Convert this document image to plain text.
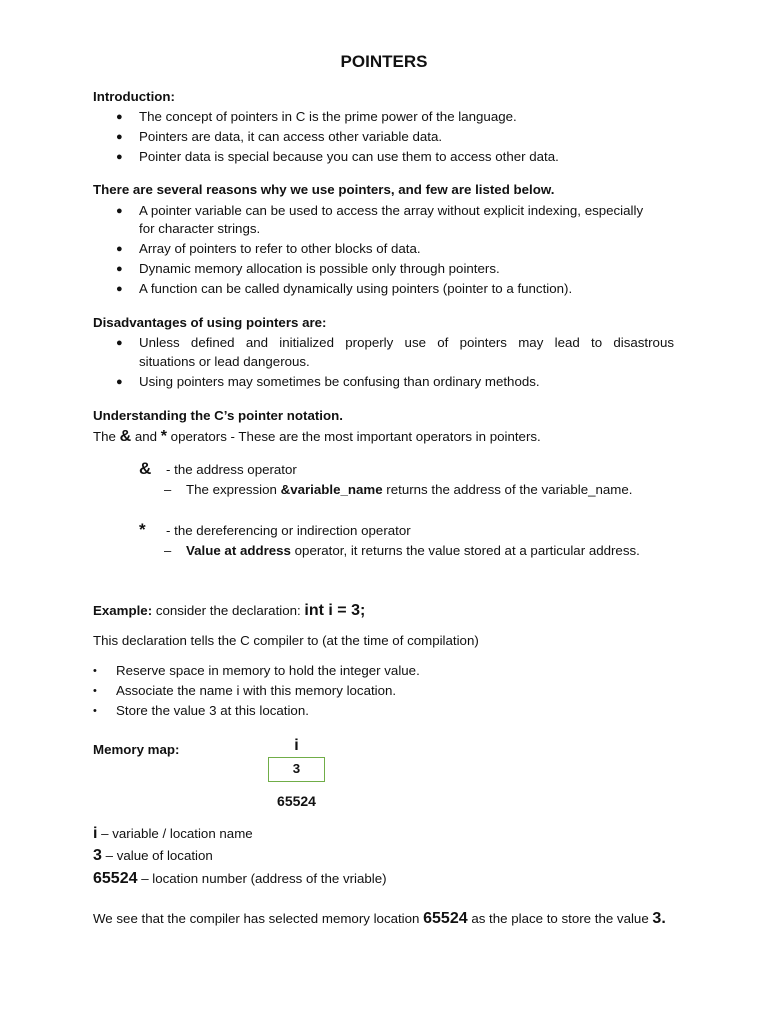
POINTERS

Introduction:

● The concept of pointers in C is the prime power of the language.

● Pointers are data, it can access other variable data.

● Pointer data is special because you can use them to access other data.

There are several reasons why we use pointers, and few are listed below.

● A pointer variable can be used to access the array without explicit indexing, especially

for character strings.

● Array of pointers to refer to other blocks of data.

● Dynamic memory allocation is possible only through pointers.

● A function can be called dynamically using pointers (pointer to a function).

Disadvantages of using pointers are:

● Unless defined and initialized properly use of pointers may lead to disastrous

situations or lead dangerous.

● Using pointers may sometimes be confusing than ordinary methods.

Understanding the C’s pointer notation.

The & and * operators - These are the most important operators in pointers.

& - the address operator

– The expression &variable_name returns the address of the variable_name.

* - the dereferencing or indirection operator

– Value at address operator, it returns the value stored at a particular address.

Example: consider the declaration: int i = 3;

This declaration tells the C compiler to (at the time of compilation)

• Reserve space in memory to hold the integer value.

• Associate the name i with this memory location.

• Store the value 3 at this location.

Memory map:	i

3

65524

i – variable / location name

3 – value of location

65524 – location number (address of the vriable)

We see that the compiler has selected memory location 65524 as the place to store the value 3.
